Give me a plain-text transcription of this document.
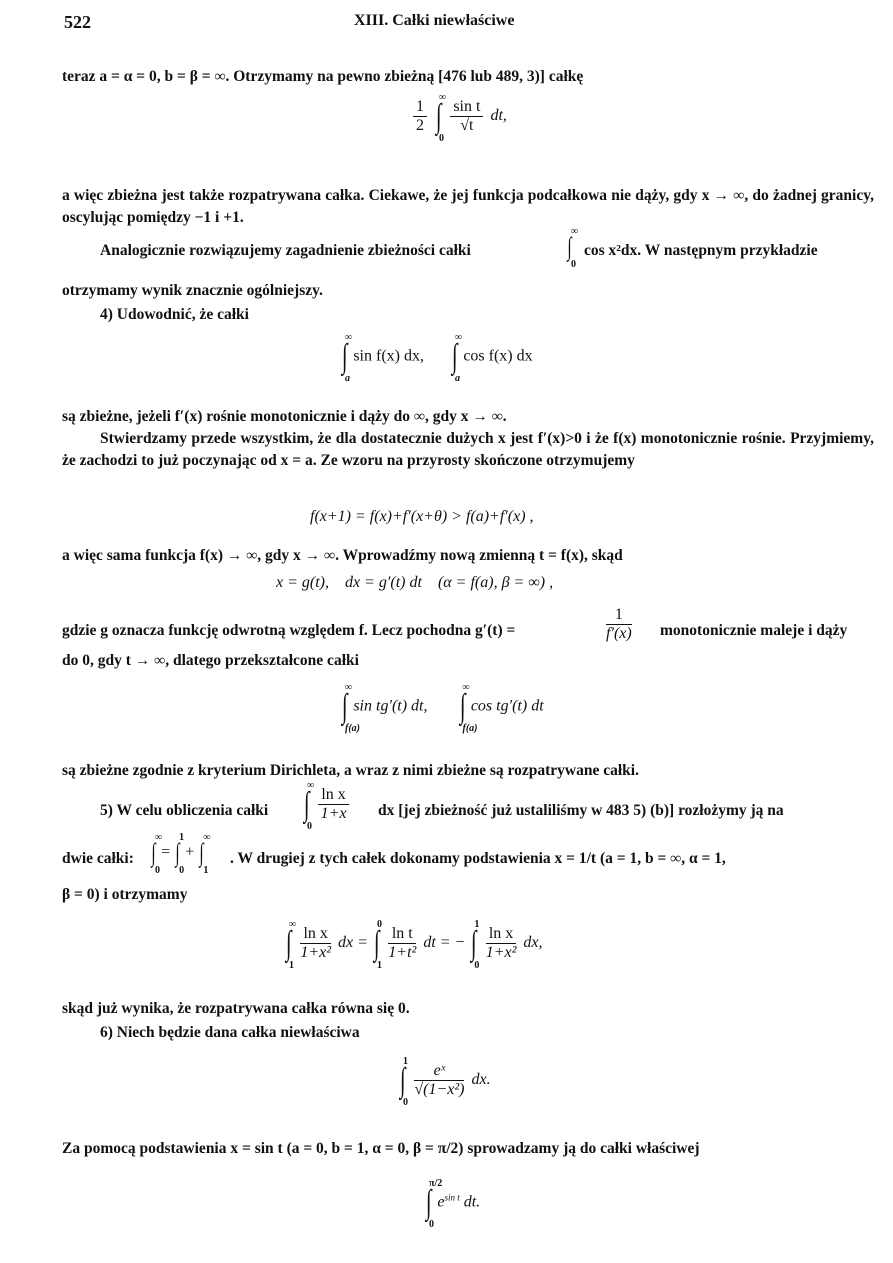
522	XIII. Całki niewłaściwe
teraz a = α = 0, b = β = ∞. Otrzymamy na pewno zbieżną [476 lub 489, 3)] całkę
$\frac{1}{2}$
∫
∞
0

$\frac{\text{sin t}}{√t}$ dt,
a więc zbieżna jest także rozpatrywana całka. Ciekawe, że jej funkcja podcałkowa nie dąży, gdy x → ∞, do żadnej granicy, oscylując pomiędzy −1 i +1.
Analogicznie rozwiązujemy zagadnienie zbieżności całki	∫
∞
0
cos x²dx. W następnym przykładzie
otrzymamy wynik znacznie ogólniejszy.
4) Udowodnić, że całki
∫
∞
a
sin f(x) dx, ∫
∞
a
cos f(x) dx
są zbieżne, jeżeli f′(x) rośnie monotonicznie i dąży do ∞, gdy x → ∞.
Stwierdzamy przede wszystkim, że dla dostatecznie dużych x jest f′(x)>0 i że f(x) monotonicznie rośnie. Przyjmiemy, że zachodzi to już poczynając od x = a. Ze wzoru na przyrosty skończone otrzymujemy
f(x+1) = f(x)+f′(x+θ) > f(a)+f′(x) ,
a więc sama funkcja f(x) → ∞, gdy x → ∞. Wprowadźmy nową zmienną t = f(x), skąd
x = g(t),    dx = g′(t) dt    (α = f(a), β = ∞) ,
gdzie g oznacza funkcję odwrotną względem f. Lecz pochodna g′(t) =	$\frac{1}{f'(x)}$ monotonicznie maleje i dąży
do 0, gdy t → ∞, dlatego przekształcone całki
∫
∞
f(a)
sin tg′(t) dt, ∫
∞
f(a)
cos tg′(t) dt
są zbieżne zgodnie z kryterium Dirichleta, a wraz z nimi zbieżne są rozpatrywane całki.
5) W celu obliczenia całki ∫
∞
0

$\frac{\text{ln x}}{1+x}$ dx [jej zbieżność już ustaliliśmy w 483 5) (b)] rozłożymy ją na
dwie całki: ∫
∞
0
= ∫
1
0
+ ∫
∞
1
. W drugiej z tych całek dokonamy podstawienia x = 1/t (a = 1, b = ∞, α = 1,
β = 0) i otrzymamy
∫
∞
1

$\frac{\text{ln x}}{\text{1+x²}}$ dx = ∫
0
1

$\frac{\text{ln t}}{\text{1+t²}}$ dt = − ∫
1
0

$\frac{\text{ln x}}{\text{1+x²}}$ dx,
skąd już wynika, że rozpatrywana całka równa się 0.
6) Niech będzie dana całka niewłaściwa
∫
1
0

$\frac{\text{eˣ}}{\text{√(1−x²)}}$ dx.
Za pomocą podstawienia x = sin t (a = 0, b = 1, α = 0, β = π/2) sprowadzamy ją do całki właściwej
∫
π/2
0
$e^{sin t}$ dt.
